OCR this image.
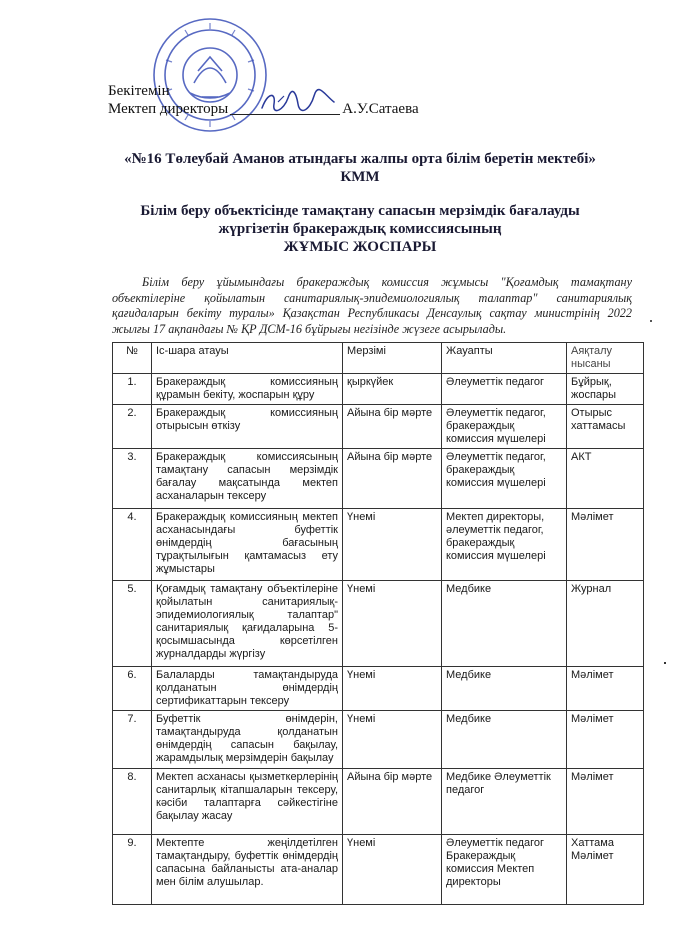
Бекітемін
Мектеп директоры	А.У.Сатаева
«№16 Төлеубай Аманов атындағы жалпы орта білім беретін мектебі»
КММ
Білім беру объектісінде тамақтану сапасын мерзімдік бағалауды
жүргізетін бракераждық комиссиясының
ЖҰМЫС ЖОСПАРЫ
Білім беру ұйымындағы бракераждық комиссия жұмысы "Қоғамдық тамақтану объектілеріне қойылатын санитариялық-эпидемиологиялық талаптар" санитариялық қағидаларын бекіту туралы» Қазақстан Республикасы Денсаулық сақтау министрінің 2022 жылғы 17 ақпандағы № ҚР ДСМ-16 бұйрығы негізінде жүзеге асырылады.
№	Іс-шара атауы	Мерзімі	Жауапты	Аяқталу нысаны
1.	Бракераждық комиссияның құрамын бекіту, жоспарын құру	қыркүйек	Әлеуметтік педагог	Бұйрық, жоспары
2.	Бракераждық комиссияның отырысын өткізу	Айына бір мәрте	Әлеуметтік педагог, бракераждық комиссия мүшелері	Отырыс хаттамасы
3.	Бракераждық комиссиясының тамақтану сапасын мерзімдік бағалау мақсатында мектеп асханаларын тексеру	Айына бір мәрте	Әлеуметтік педагог, бракераждық комиссия мүшелері	АКТ
4.	Бракераждық комиссияның мектеп асханасындағы буфеттік өнімдердің бағасының тұрақтылығын қамтамасыз ету жұмыстары	Үнемі	Мектеп директоры, әлеуметтік педагог, бракераждық комиссия мүшелері	Мәлімет
5.	Қоғамдық тамақтану объектілеріне қойылатын санитариялық-эпидемиологиялық талаптар" санитариялық қағидаларына 5-қосымшасында көрсетілген журналдарды жүргізу	Үнемі	Медбике	Журнал
6.	Балаларды тамақтандыруда қолданатын өнімдердің сертификаттарын тексеру	Үнемі	Медбике	Мәлімет
7.	Буфеттік өнімдерін, тамақтандыруда қолданатын өнімдердің сапасын бақылау, жарамдылық мерзімдерін бақылау	Үнемі	Медбике	Мәлімет
8.	Мектеп асханасы қызметкерлерінің санитарлық кітапшаларын тексеру, кәсіби талаптарға сәйкестігіне бақылау жасау	Айына бір мәрте	Медбике Әлеуметтік педагог	Мәлімет
9.	Мектепте жеңілдетілген тамақтандыру, буфеттік өнімдердің сапасына байланысты ата-аналар мен білім алушылар.	Үнемі	Әлеуметтік педагог Бракераждық комиссия Мектеп директоры	Хаттама Мәлімет
